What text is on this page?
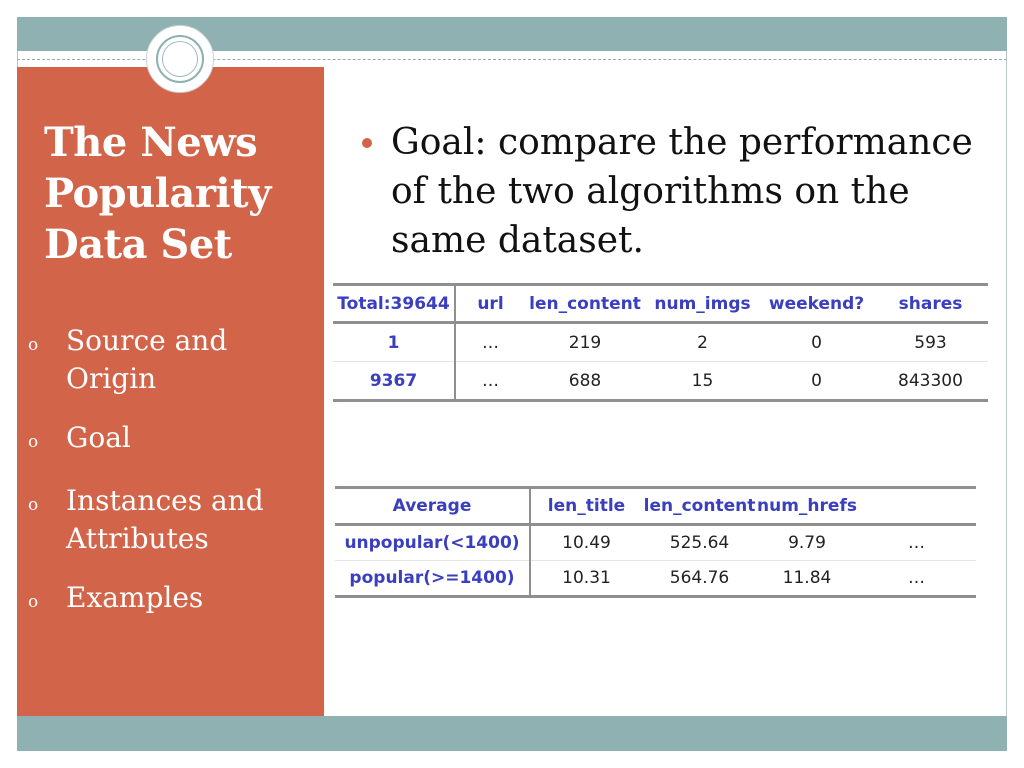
The News
Popularity
Data Set
o Source and Origin
o Goal
o Instances and Attributes
o Examples
Goal: compare the performance of the two algorithms on the same dataset.
Total:39644	url	len_content	num_imgs	weekend?	shares
1	…	219	2	0	593
9367	…	688	15	0	843300
Average	len_title	len_content	num_hrefs	
unpopular(<1400)	10.49	525.64	9.79	…
popular(>=1400)	10.31	564.76	11.84	…
